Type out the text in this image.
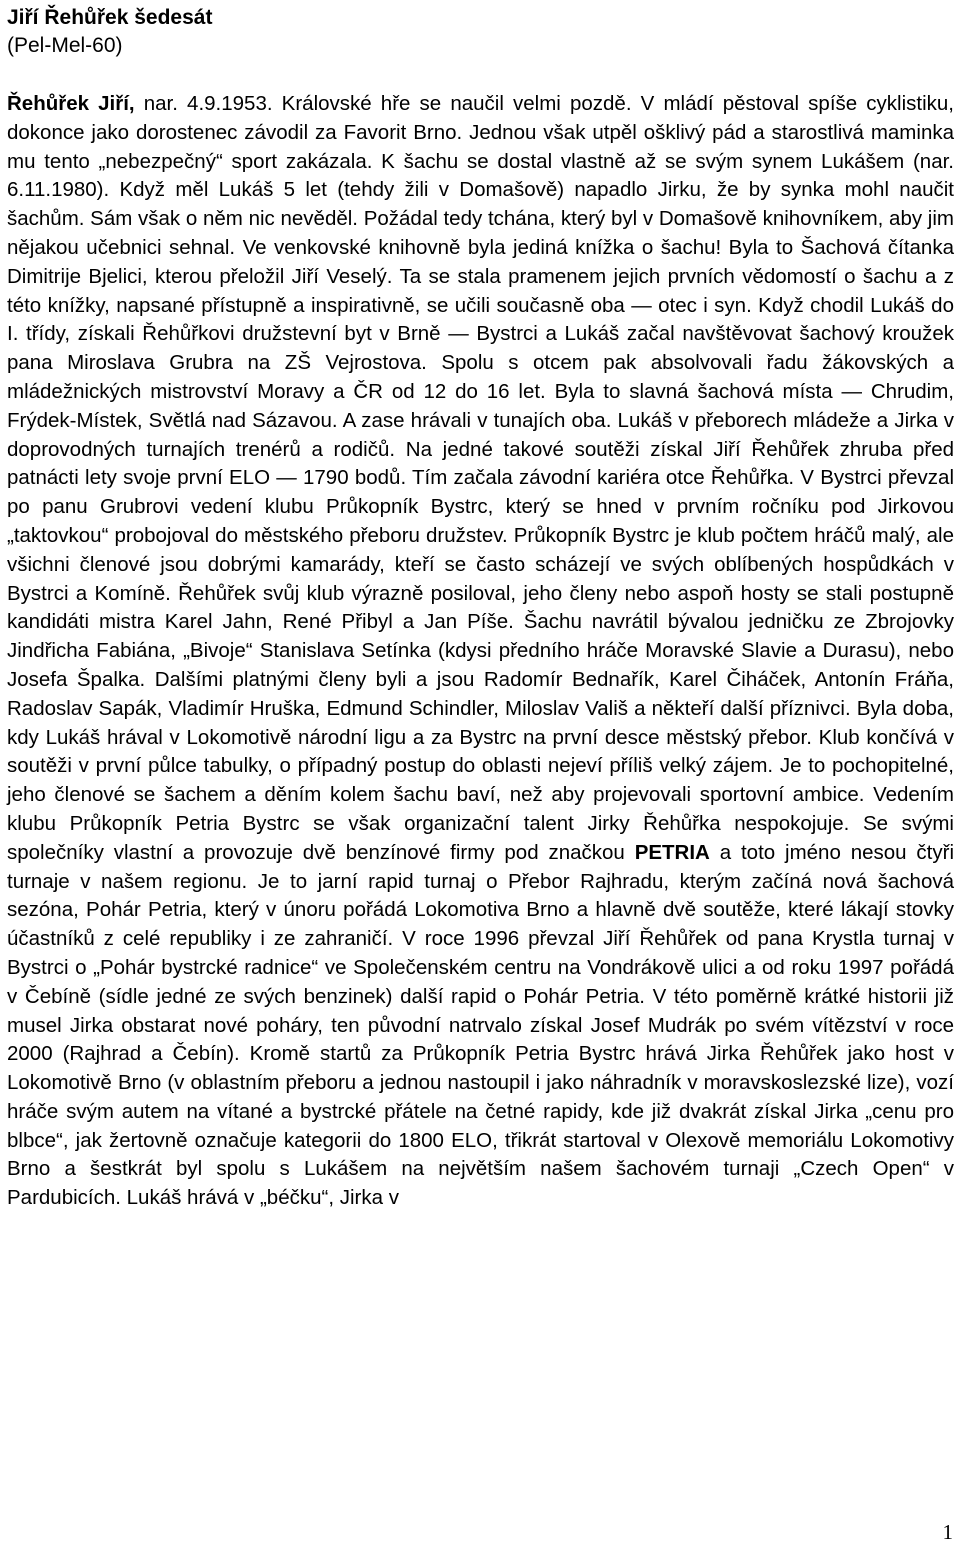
Jiří Řehůřek šedesát
(Pel-Mel-60)
Řehůřek Jiří, nar. 4.9.1953. Královské hře se naučil velmi pozdě. V mládí pěstoval spíše cyklistiku, dokonce jako dorostenec závodil za Favorit Brno. Jednou však utpěl ošklivý pád a starostlivá maminka mu tento „nebezpečný“ sport zakázala. K šachu se dostal vlastně až se svým synem Lukášem (nar. 6.11.1980). Když měl Lukáš 5 let (tehdy žili v Domašově) napadlo Jirku, že by synka mohl naučit šachům. Sám však o něm nic nevěděl. Požádal tedy tchána, který byl v Domašově knihovníkem, aby jim nějakou učebnici sehnal. Ve venkovské knihovně byla jediná knížka o šachu! Byla to Šachová čítanka Dimitrije Bjelici, kterou přeložil Jiří Veselý. Ta se stala pramenem jejich prvních vědomostí o šachu a z této knížky, napsané přístupně a inspirativně, se učili současně oba — otec i syn. Když chodil Lukáš do I. třídy, získali Řehůřkovi družstevní byt v Brně — Bystrci a Lukáš začal navštěvovat šachový kroužek pana Miroslava Grubra na ZŠ Vejrostova. Spolu s otcem pak absolvovali řadu žákovských a mládežnických mistrovství Moravy a ČR od 12 do 16 let. Byla to slavná šachová místa — Chrudim, Frýdek-Místek, Světlá nad Sázavou. A zase hrávali v tunajích oba. Lukáš v přeborech mládeže a Jirka v doprovodných turnajích trenérů a rodičů. Na jedné takové soutěži získal Jiří Řehůřek zhruba před patnácti lety svoje první ELO — 1790 bodů. Tím začala závodní kariéra otce Řehůřka. V Bystrci převzal po panu Grubrovi vedení klubu Průkopník Bystrc, který se hned v prvním ročníku pod Jirkovou „taktovkou“ probojoval do městského přeboru družstev. Průkopník Bystrc je klub počtem hráčů malý, ale všichni členové jsou dobrými kamarády, kteří se často scházejí ve svých oblíbených hospůdkách v Bystrci a Komíně. Řehůřek svůj klub výrazně posiloval, jeho členy nebo aspoň hosty se stali postupně kandidáti mistra Karel Jahn, René Přibyl a Jan Píše. Šachu navrátil bývalou jedničku ze Zbrojovky Jindřicha Fabiána, „Bivoje“ Stanislava Setínka (kdysi předního hráče Moravské Slavie a Durasu), nebo Josefa Špalka. Dalšími platnými členy byli a jsou Radomír Bednařík, Karel Čiháček, Antonín Fráňa, Radoslav Sapák, Vladimír Hruška, Edmund Schindler, Miloslav Vališ a někteří další příznivci. Byla doba, kdy Lukáš hrával v Lokomotivě národní ligu a za Bystrc na první desce městský přebor. Klub končívá v soutěži v první půlce tabulky, o případný postup do oblasti nejeví příliš velký zájem. Je to pochopitelné, jeho členové se šachem a děním kolem šachu baví, než aby projevovali sportovní ambice. Vedením klubu Průkopník Petria Bystrc se však organizační talent Jirky Řehůřka nespokojuje. Se svými společníky vlastní a provozuje dvě benzínové firmy pod značkou PETRIA a toto jméno nesou čtyři turnaje v našem regionu. Je to jarní rapid turnaj o Přebor Rajhradu, kterým začíná nová šachová sezóna, Pohár Petria, který v únoru pořádá Lokomotiva Brno a hlavně dvě soutěže, které lákají stovky účastníků z celé republiky i ze zahraničí. V roce 1996 převzal Jiří Řehůřek od pana Krystla turnaj v Bystrci o „Pohár bystrcké radnice“ ve Společenském centru na Vondrákově ulici a od roku 1997 pořádá v Čebíně (sídle jedné ze svých benzinek) další rapid o Pohár Petria. V této poměrně krátké historii již musel Jirka obstarat nové poháry, ten původní natrvalo získal Josef Mudrák po svém vítězství v roce 2000 (Rajhrad a Čebín). Kromě startů za Průkopník Petria Bystrc hrává Jirka Řehůřek jako host v Lokomotivě Brno (v oblastním přeboru a jednou nastoupil i jako náhradník v moravskoslezské lize), vozí hráče svým autem na vítané a bystrcké přátele na četné rapidy, kde již dvakrát získal Jirka „cenu pro blbce“, jak žertovně označuje kategorii do 1800 ELO, třikrát startoval v Olexově memoriálu Lokomotivy Brno a šestkrát byl spolu s Lukášem na největším našem šachovém turnaji „Czech Open“ v Pardubicích. Lukáš hrává v „béčku“, Jirka v
1
